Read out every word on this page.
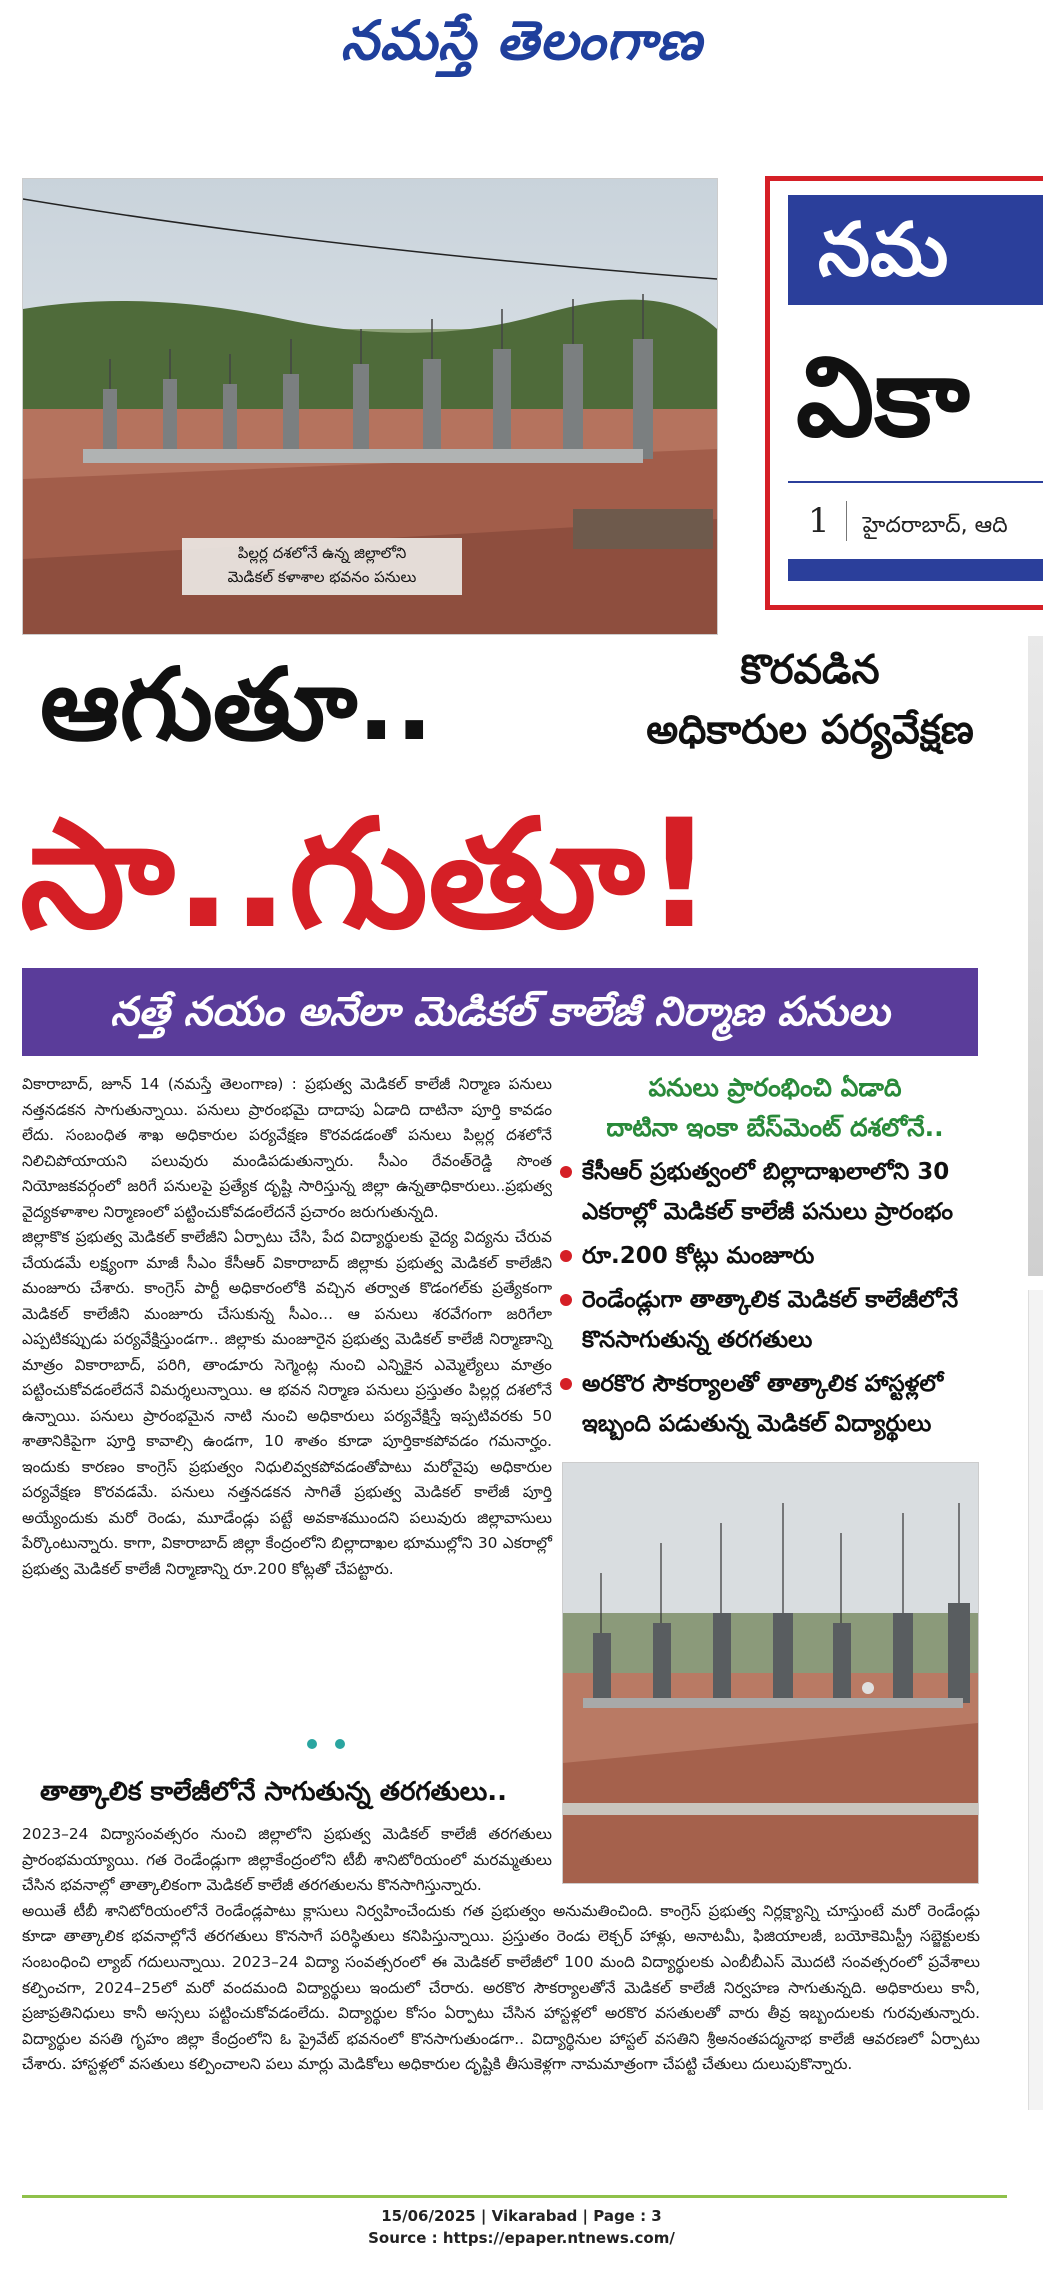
నమస్తే తెలంగాణ
పిల్లర్ల దశలోనే ఉన్న జిల్లాలోని
మెడికల్ కళాశాల భవనం పనులు
నమ
వికా
1 హైదరాబాద్, ఆది
ఆగుతూ..	కొరవడిన
అధికారుల పర్యవేక్షణ
సా..గుతూ!
నత్తే నయం అనేలా మెడికల్ కాలేజీ నిర్మాణ పనులు

వికారాబాద్, జూన్ 14 (నమస్తే తెలంగాణ) : ప్రభుత్వ మెడికల్ కాలేజీ నిర్మాణ పనులు నత్తనడకన సాగుతున్నాయి. పనులు ప్రారంభమై దాదాపు ఏడాది దాటినా పూర్తి కావడం లేదు. సంబంధిత శాఖ అధికారుల పర్యవేక్షణ కొరవడడంతో పనులు పిల్లర్ల దశలోనే నిలిచిపోయాయని పలువురు మండిపడుతున్నారు. సీఎం రేవంత్‌రెడ్డి సొంత నియోజకవర్గంలో జరిగే పనులపై ప్రత్యేక దృష్టి సారిస్తున్న జిల్లా ఉన్నతాధికారులు..ప్రభుత్వ వైద్యకళాశాల నిర్మాణంలో పట్టించుకోవడంలేదనే ప్రచారం జరుగుతున్నది.

జిల్లాకొక ప్రభుత్వ మెడికల్ కాలేజీని ఏర్పాటు చేసి, పేద విద్యార్థులకు వైద్య విద్యను చేరువ చేయడమే లక్ష్యంగా మాజీ సీఎం కేసీఆర్ వికారాబాద్ జిల్లాకు ప్రభుత్వ మెడికల్ కాలేజీని మంజూరు చేశారు. కాంగ్రెస్ పార్టీ అధికారంలోకి వచ్చిన తర్వాత కొడంగల్‌కు ప్రత్యేకంగా మెడికల్ కాలేజీని మంజూరు చేసుకున్న సీఎం... ఆ పనులు శరవేగంగా జరిగేలా ఎప్పటికప్పుడు పర్యవేక్షిస్తుండగా.. జిల్లాకు మంజూరైన ప్రభుత్వ మెడికల్ కాలేజీ నిర్మాణాన్ని మాత్రం వికారాబాద్, పరిగి, తాండూరు సెగ్మెంట్ల నుంచి ఎన్నికైన ఎమ్మెల్యేలు మాత్రం పట్టించుకోవడంలేదనే విమర్శలున్నాయి. ఆ భవన నిర్మాణ పనులు ప్రస్తుతం పిల్లర్ల దశలోనే ఉన్నాయి. పనులు ప్రారంభమైన నాటి నుంచి అధికారులు పర్యవేక్షిస్తే ఇప్పటివరకు 50 శాతానికిపైగా పూర్తి కావాల్సి ఉండగా, 10 శాతం కూడా పూర్తికాకపోవడం గమనార్హం. ఇందుకు కారణం కాంగ్రెస్ ప్రభుత్వం నిధులివ్వకపోవడంతోపాటు మరోవైపు అధికారుల పర్యవేక్షణ కొరవడమే. పనులు నత్తనడకన సాగితే ప్రభుత్వ మెడికల్ కాలేజీ పూర్తి అయ్యేందుకు మరో రెండు, మూడేండ్లు పట్టే అవకాశముందని పలువురు జిల్లావాసులు పేర్కొంటున్నారు. కాగా, వికారాబాద్ జిల్లా కేంద్రంలోని బిల్లాదాఖల భూముల్లోని 30 ఎకరాల్లో ప్రభుత్వ మెడికల్ కాలేజీ నిర్మాణాన్ని రూ.200 కోట్లతో చేపట్టారు.

పనులు ప్రారంభించి ఏడాది
దాటినా ఇంకా బేస్‌మెంట్ దశలోనే..
కేసీఆర్ ప్రభుత్వంలో బిల్లాదాఖలాలోని 30 ఎకరాల్లో మెడికల్ కాలేజీ పనులు ప్రారంభం
రూ.200 కోట్లు మంజూరు
రెండేండ్లుగా తాత్కాలిక మెడికల్ కాలేజీలోనే కొనసాగుతున్న తరగతులు
అరకొర సౌకర్యాలతో తాత్కాలిక హాస్టళ్లలో ఇబ్బంది పడుతున్న మెడికల్ విద్యార్థులు
తాత్కాలిక కాలేజీలోనే సాగుతున్న తరగతులు..

2023–24 విద్యాసంవత్సరం నుంచి జిల్లాలోని ప్రభుత్వ మెడికల్ కాలేజీ తరగతులు ప్రారంభమయ్యాయి. గత రెండేండ్లుగా జిల్లాకేంద్రంలోని టీబీ శానిటోరియంలో మరమ్మతులు చేసిన భవనాల్లో తాత్కాలికంగా మెడికల్ కాలేజీ తరగతులను కొనసాగిస్తున్నారు.

అయితే టీబీ శానిటోరియంలోనే రెండేండ్లపాటు క్లాసులు నిర్వహించేందుకు గత ప్రభుత్వం అనుమతించింది. కాంగ్రెస్ ప్రభుత్వ నిర్లక్ష్యాన్ని చూస్తుంటే మరో రెండేండ్లు కూడా తాత్కాలిక భవనాల్లోనే తరగతులు కొనసాగే పరిస్థితులు కనిపిస్తున్నాయి. ప్రస్తుతం రెండు లెక్చర్ హాళ్లు, అనాటమీ, ఫిజియాలజీ, బయోకెమిస్ట్రీ సబ్జెక్టులకు సంబంధించి ల్యాబ్ గదులున్నాయి. 2023–24 విద్యా సంవత్సరంలో ఈ మెడికల్ కాలేజీలో 100 మంది విద్యార్థులకు ఎంబీబీఎస్ మొదటి సంవత్సరంలో ప్రవేశాలు కల్పించగా, 2024–25లో మరో వందమంది విద్యార్థులు ఇందులో చేరారు. అరకొర సౌకర్యాలతోనే మెడికల్ కాలేజీ నిర్వహణ సాగుతున్నది. అధికారులు కానీ, ప్రజాప్రతినిధులు కానీ అస్సలు పట్టించుకోవడంలేదు. విద్యార్థుల కోసం ఏర్పాటు చేసిన హాస్టళ్లలో అరకొర వసతులతో వారు తీవ్ర ఇబ్బందులకు గురవుతున్నారు. విద్యార్థుల వసతి గృహం జిల్లా కేంద్రంలోని ఓ ప్రైవేట్ భవనంలో కొనసాగుతుండగా.. విద్యార్థినుల హాస్టల్ వసతిని శ్రీఅనంతపద్మనాభ కాలేజీ ఆవరణలో ఏర్పాటు చేశారు. హాస్టళ్లలో వసతులు కల్పించాలని పలు మార్లు మెడికోలు అధికారుల దృష్టికి తీసుకెళ్లగా నామమాత్రంగా చేపట్టి చేతులు దులుపుకొన్నారు.

15/06/2025 | Vikarabad | Page : 3
Source : https://epaper.ntnews.com/
